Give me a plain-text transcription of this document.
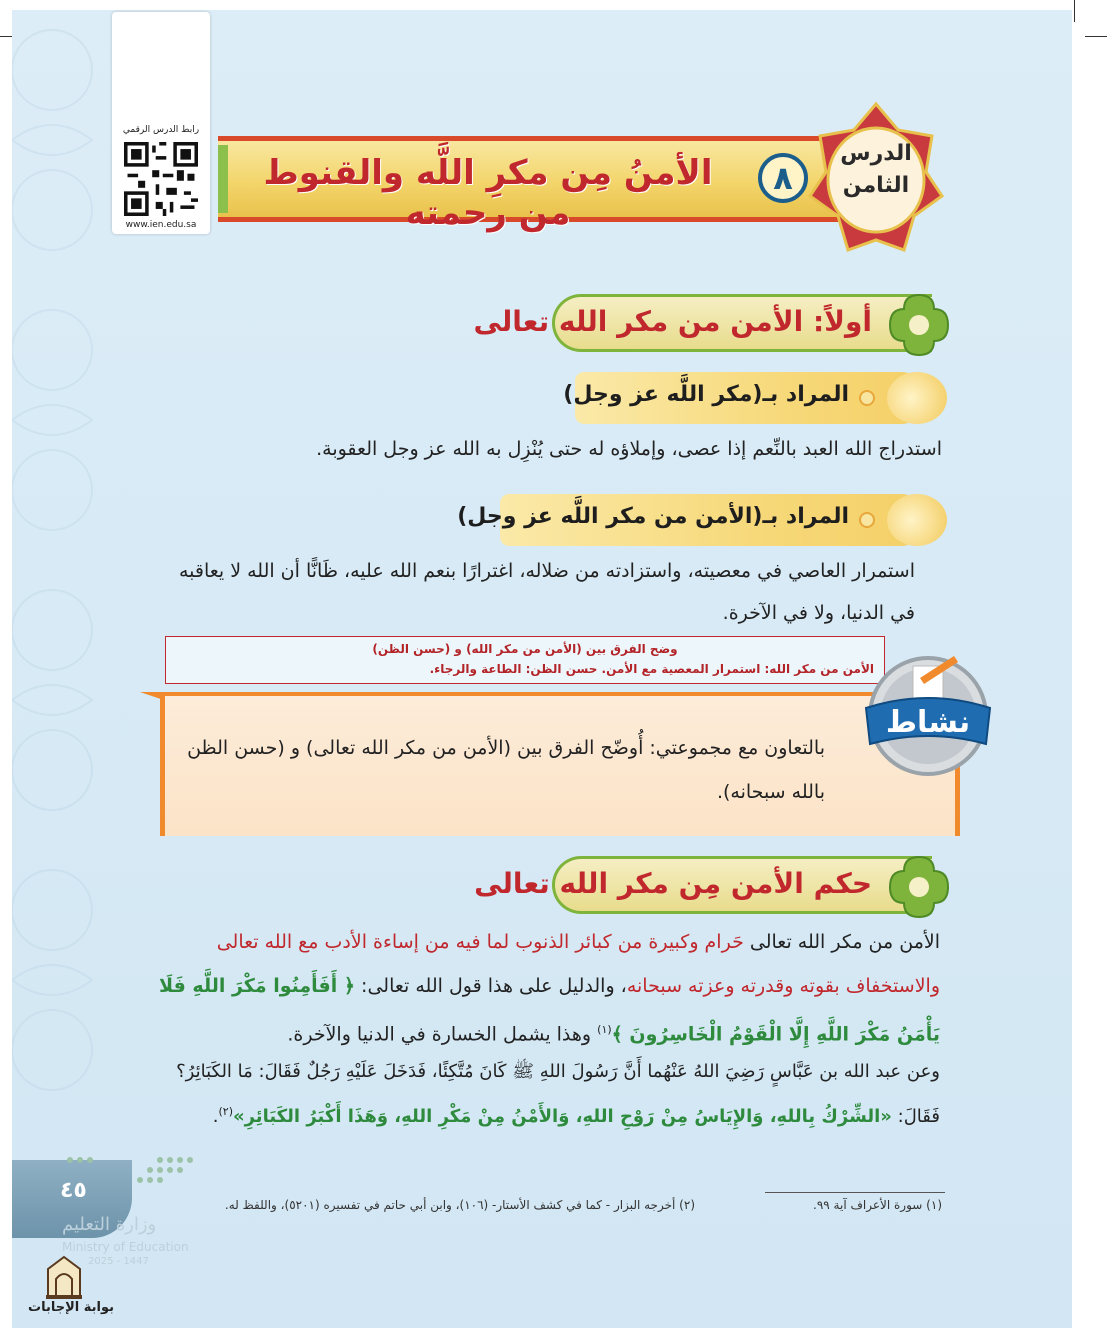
رابط الدرس الرقمي
www.ien.edu.sa
الأمنُ مِن مكرِ اللَّه والقنوط من رحمته
٨
الدرس
الثامن
أولاً: الأمن من مكر الله تعالى
المراد بـ(مكر اللَّه عز وجل)
استدراج الله العبد بالنِّعم إذا عصى، وإملاؤه له حتى يُنْزِل به الله عز وجل العقوبة.
المراد بـ(الأمن من مكر اللَّه عز وجل)
استمرار العاصي في معصيته، واستزادته من ضلاله، اغترارًا بنعم الله عليه، ظَانًّا أن الله لا يعاقبه في الدنيا، ولا في الآخرة.
وضح الفرق بين (الأمن من مكر الله) و (حسن الظن)
الأمن من مكر الله: استمرار المعصية مع الأمن. حسن الظن: الطاعة والرجاء.
بالتعاون مع مجموعتي: أُوضّح الفرق بين (الأمن من مكر الله تعالى) و (حسن الظن بالله سبحانه).
نشاط
حكم الأمن مِن مكر الله تعالى
الأمن من مكر الله تعالى حَرام وكبيرة من كبائر الذنوب لما فيه من إساءة الأدب مع الله تعالى والاستخفاف بقوته وقدرته وعزته سبحانه، والدليل على هذا قول الله تعالى: ﴿ أَفَأَمِنُوا مَكْرَ اللَّهِ فَلَا يَأْمَنُ مَكْرَ اللَّهِ إِلَّا الْقَوْمُ الْخَاسِرُونَ ﴾$^{(١)}$ وهذا يشمل الخسارة في الدنيا والآخرة.
وعن عبد الله بن عَبَّاسٍ رَضِيَ اللهُ عَنْهُما أَنَّ رَسُولَ اللهِ ﷺ كَانَ مُتَّكِئًا، فَدَخَلَ عَلَيْهِ رَجُلٌ فَقَالَ: مَا الكَبَائِرُ؟ فَقَالَ: «الشِّرْكُ بِاللهِ، وَالإِيَاسُ مِنْ رَوْحِ اللهِ، وَالأَمْنُ مِنْ مَكْرِ اللهِ، وَهَذَا أَكْبَرُ الكَبَائِرِ»$^{(٢)}$.
(١) سورة الأعراف آية ٩٩.
(٢) أخرجه البزار - كما في كشف الأستار- (١٠٦)، وابن أبي حاتم في تفسيره (٥٢٠١)، واللفظ له.
٤٥
وزارة التعليم
Ministry of Education
2025 - 1447
بوابة الإجابات
